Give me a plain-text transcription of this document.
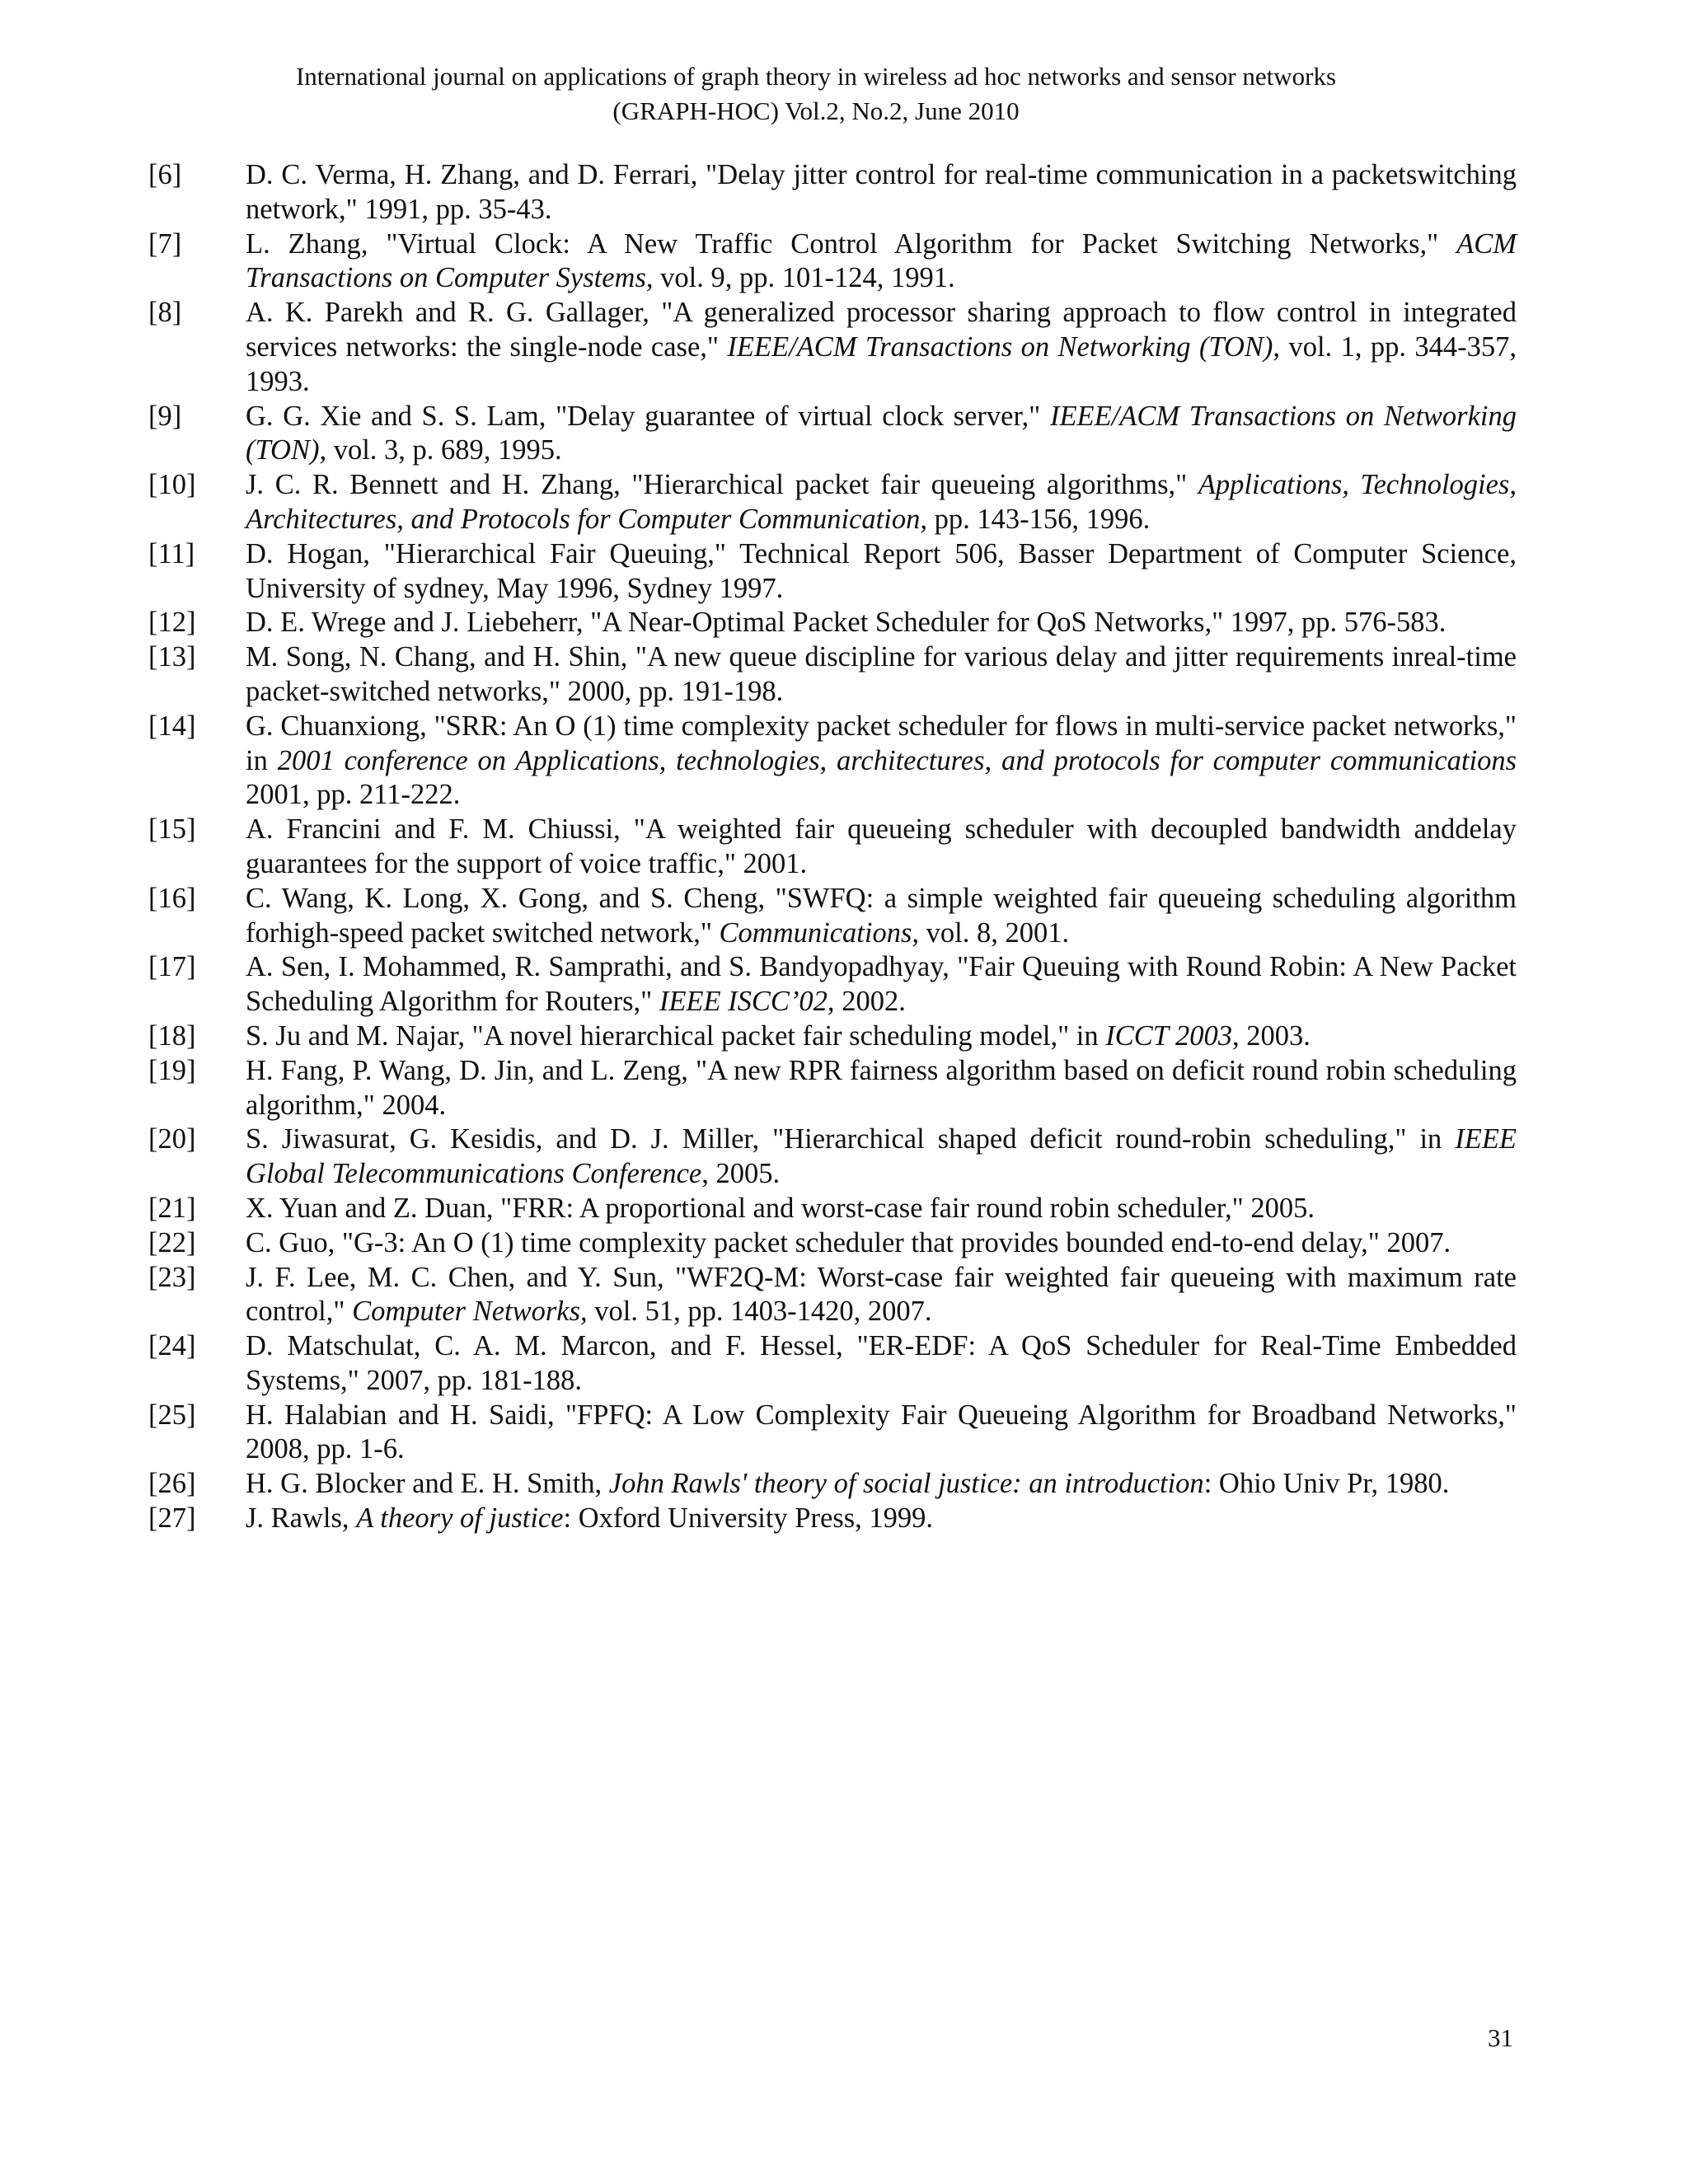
International journal on applications of graph theory in wireless ad hoc networks and sensor networks
(GRAPH-HOC) Vol.2, No.2, June 2010
[6] D. C. Verma, H. Zhang, and D. Ferrari, "Delay jitter control for real-time communication in a packetswitching network," 1991, pp. 35-43.
[7] L. Zhang, "Virtual Clock: A New Traffic Control Algorithm for Packet Switching Networks," ACM Transactions on Computer Systems, vol. 9, pp. 101-124, 1991.
[8] A. K. Parekh and R. G. Gallager, "A generalized processor sharing approach to flow control in integrated services networks: the single-node case," IEEE/ACM Transactions on Networking (TON), vol. 1, pp. 344-357, 1993.
[9] G. G. Xie and S. S. Lam, "Delay guarantee of virtual clock server," IEEE/ACM Transactions on Networking (TON), vol. 3, p. 689, 1995.
[10] J. C. R. Bennett and H. Zhang, "Hierarchical packet fair queueing algorithms," Applications, Technologies, Architectures, and Protocols for Computer Communication, pp. 143-156, 1996.
[11] D. Hogan, "Hierarchical Fair Queuing," Technical Report 506, Basser Department of Computer Science, University of sydney, May 1996, Sydney 1997.
[12] D. E. Wrege and J. Liebeherr, "A Near-Optimal Packet Scheduler for QoS Networks," 1997, pp. 576-583.
[13] M. Song, N. Chang, and H. Shin, "A new queue discipline for various delay and jitter requirements inreal-time packet-switched networks," 2000, pp. 191-198.
[14] G. Chuanxiong, "SRR: An O (1) time complexity packet scheduler for flows in multi-service packet networks," in 2001 conference on Applications, technologies, architectures, and protocols for computer communications 2001, pp. 211-222.
[15] A. Francini and F. M. Chiussi, "A weighted fair queueing scheduler with decoupled bandwidth anddelay guarantees for the support of voice traffic," 2001.
[16] C. Wang, K. Long, X. Gong, and S. Cheng, "SWFQ: a simple weighted fair queueing scheduling algorithm forhigh-speed packet switched network," Communications, vol. 8, 2001.
[17] A. Sen, I. Mohammed, R. Samprathi, and S. Bandyopadhyay, "Fair Queuing with Round Robin: A New Packet Scheduling Algorithm for Routers," IEEE ISCC’02, 2002.
[18] S. Ju and M. Najar, "A novel hierarchical packet fair scheduling model," in ICCT 2003, 2003.
[19] H. Fang, P. Wang, D. Jin, and L. Zeng, "A new RPR fairness algorithm based on deficit round robin scheduling algorithm," 2004.
[20] S. Jiwasurat, G. Kesidis, and D. J. Miller, "Hierarchical shaped deficit round-robin scheduling," in IEEE Global Telecommunications Conference, 2005.
[21] X. Yuan and Z. Duan, "FRR: A proportional and worst-case fair round robin scheduler," 2005.
[22] C. Guo, "G-3: An O (1) time complexity packet scheduler that provides bounded end-to-end delay," 2007.
[23] J. F. Lee, M. C. Chen, and Y. Sun, "WF2Q-M: Worst-case fair weighted fair queueing with maximum rate control," Computer Networks, vol. 51, pp. 1403-1420, 2007.
[24] D. Matschulat, C. A. M. Marcon, and F. Hessel, "ER-EDF: A QoS Scheduler for Real-Time Embedded Systems," 2007, pp. 181-188.
[25] H. Halabian and H. Saidi, "FPFQ: A Low Complexity Fair Queueing Algorithm for Broadband Networks," 2008, pp. 1-6.
[26] H. G. Blocker and E. H. Smith, John Rawls' theory of social justice: an introduction: Ohio Univ Pr, 1980.
[27] J. Rawls, A theory of justice: Oxford University Press, 1999.
31
